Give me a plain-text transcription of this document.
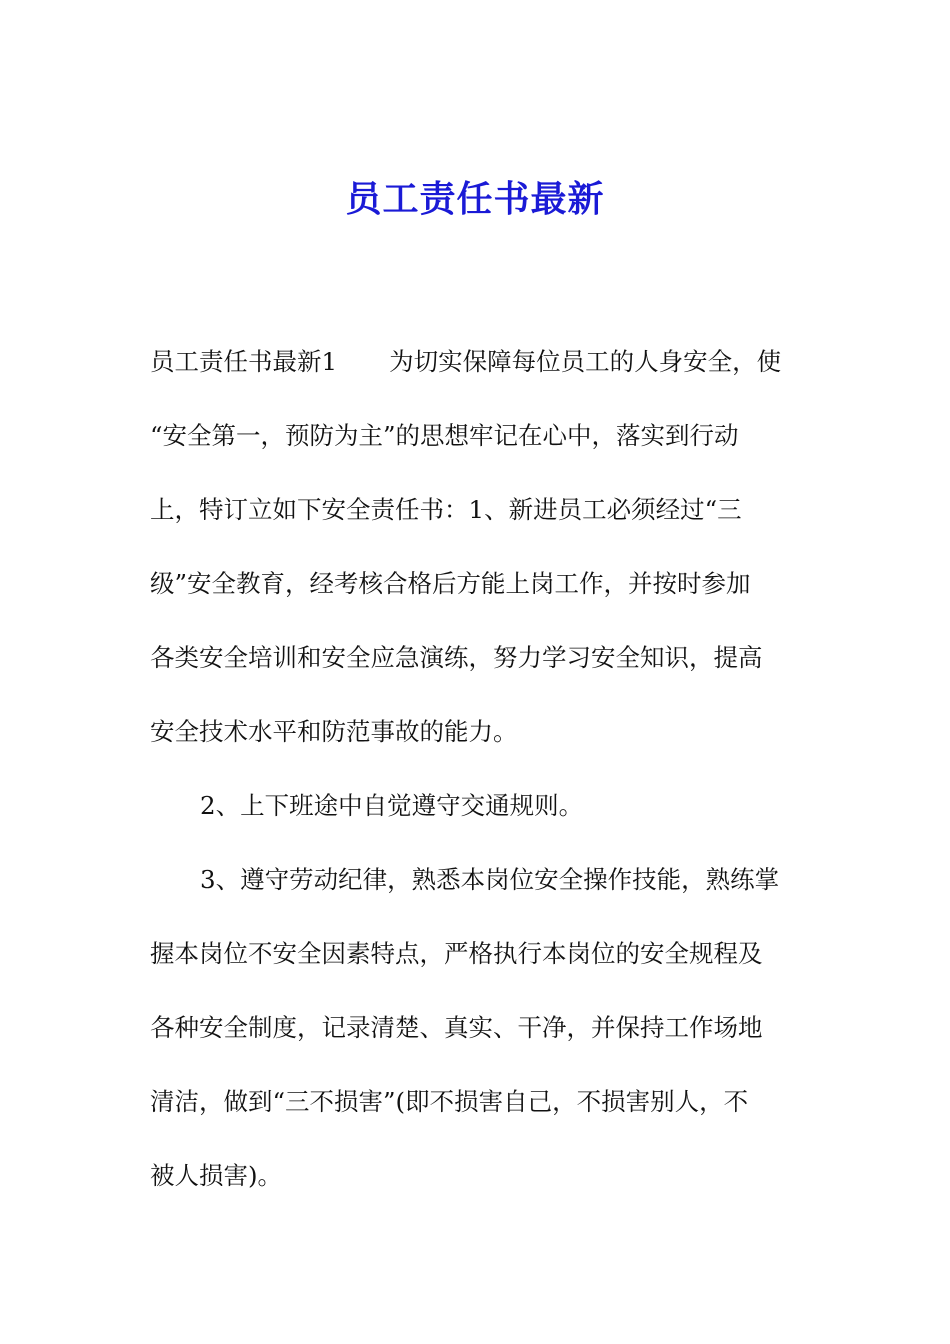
员工责任书最新
员工责任书最新1 为切实保障每位员工的人身安全，使
“安全第一，预防为主”的思想牢记在心中，落实到行动
上，特订立如下安全责任书：1、新进员工必须经过“三
级”安全教育，经考核合格后方能上岗工作，并按时参加
各类安全培训和安全应急演练，努力学习安全知识，提高
安全技术水平和防范事故的能力。
2、上下班途中自觉遵守交通规则。
3、遵守劳动纪律，熟悉本岗位安全操作技能，熟练掌
握本岗位不安全因素特点，严格执行本岗位的安全规程及
各种安全制度，记录清楚、真实、干净，并保持工作场地
清洁，做到“三不损害”(即不损害自己，不损害别人，不
被人损害)。
